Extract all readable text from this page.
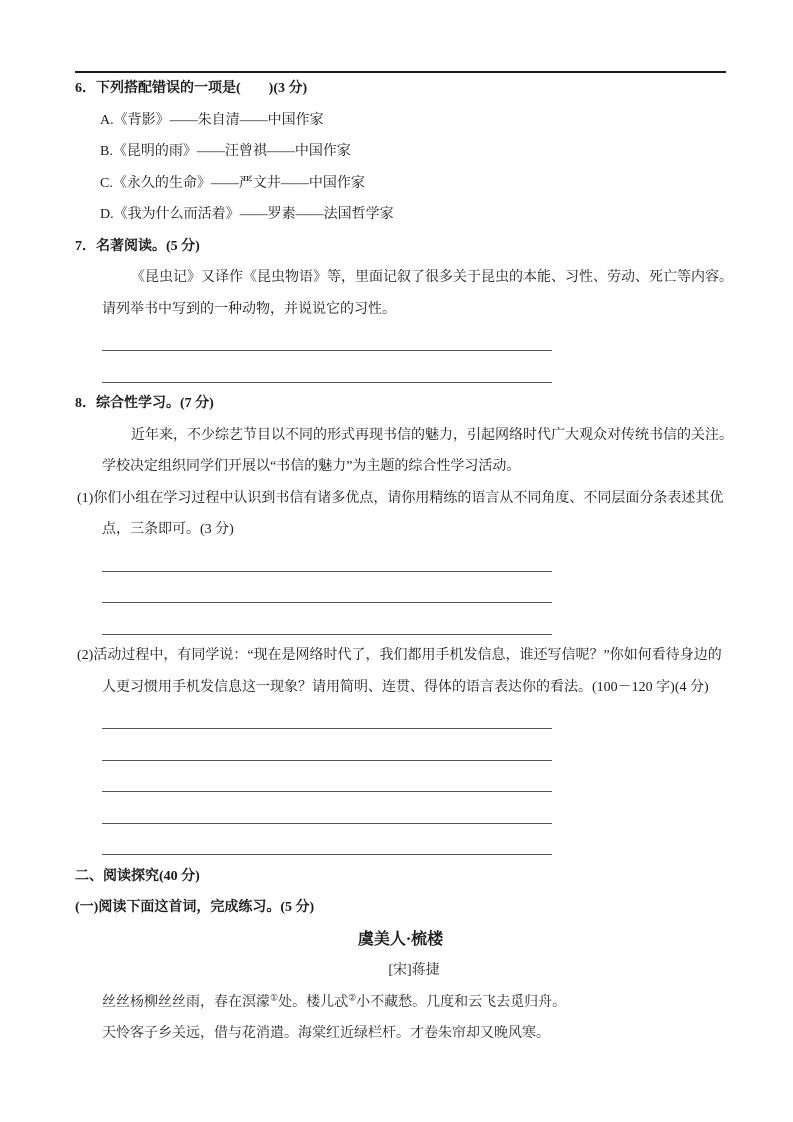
6．下列搭配错误的一项是(　　)(3 分)
A.《背影》——朱自清——中国作家
B.《昆明的雨》——汪曾祺——中国作家
C.《永久的生命》——严文井——中国作家
D.《我为什么而活着》——罗素——法国哲学家
7．名著阅读。(5 分)
《昆虫记》又译作《昆虫物语》等，里面记叙了很多关于昆虫的本能、习性、劳动、死亡等内容。
请列举书中写到的一种动物，并说说它的习性。
8．综合性学习。(7 分)
近年来，不少综艺节目以不同的形式再现书信的魅力，引起网络时代广大观众对传统书信的关注。
学校决定组织同学们开展以“书信的魅力”为主题的综合性学习活动。
(1)你们小组在学习过程中认识到书信有诸多优点，请你用精练的语言从不同角度、不同层面分条表述其优
点，三条即可。(3 分)
(2)活动过程中，有同学说：“现在是网络时代了，我们都用手机发信息，谁还写信呢？”你如何看待身边的
人更习惯用手机发信息这一现象？请用简明、连贯、得体的语言表达你的看法。(100－120 字)(4 分)
二、阅读探究(40 分)
(一)阅读下面这首词，完成练习。(5 分)
虞美人·梳楼
[宋]蒋捷
丝丝杨柳丝丝雨，春在溟濛①处。楼儿忒②小不藏愁。几度和云飞去觅归舟。
天怜客子乡关远，借与花消遣。海棠红近绿栏杆。才卷朱帘却又晚风寒。
